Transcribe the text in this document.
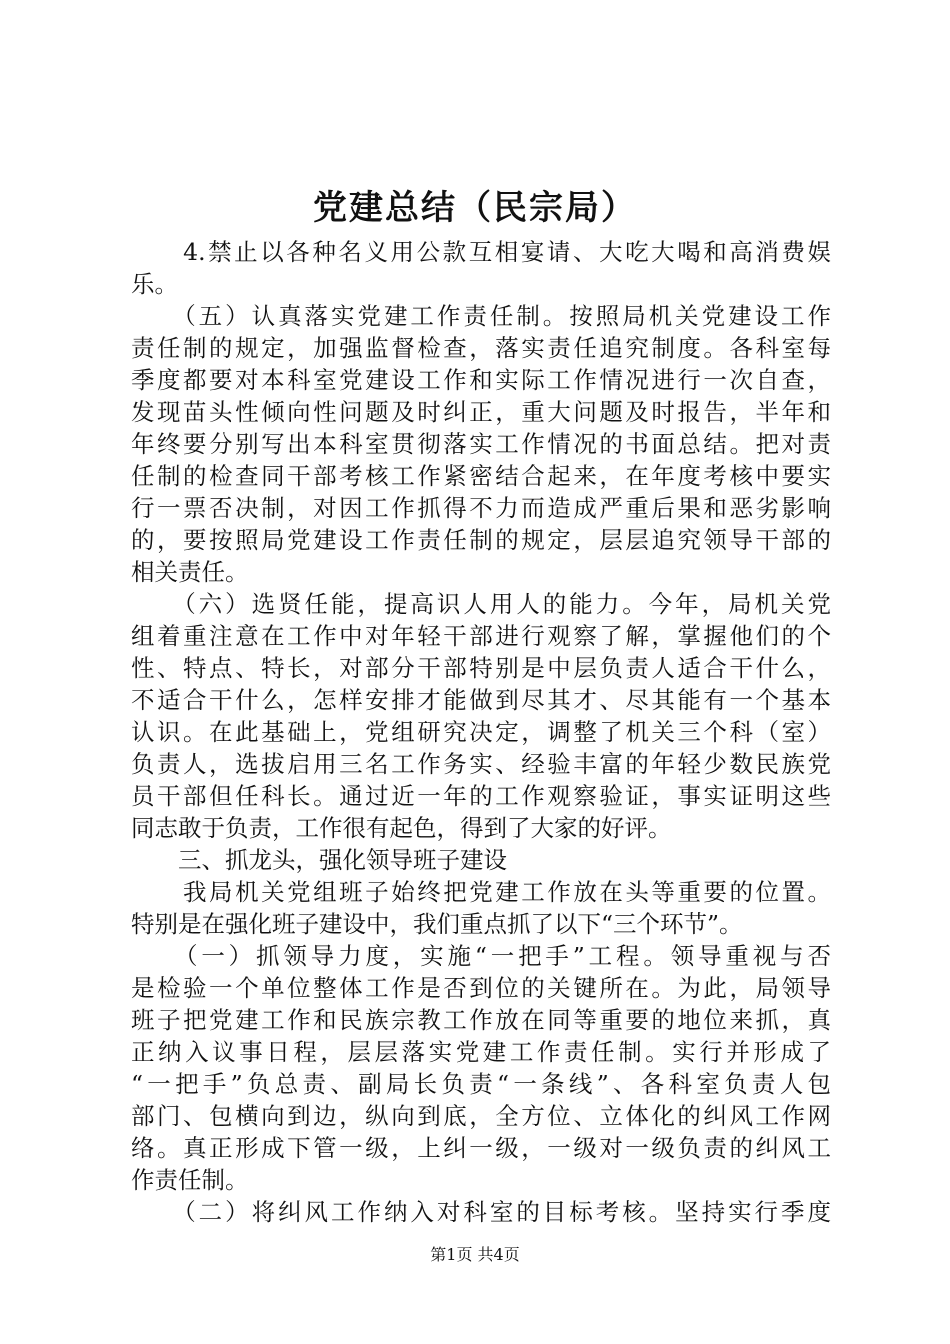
党建总结（民宗局）
　　4.禁止以各种名义用公款互相宴请、大吃大喝和高消费娱
乐。
　　（五）认真落实党建工作责任制。按照局机关党建设工作
责任制的规定，加强监督检查，落实责任追究制度。各科室每
季度都要对本科室党建设工作和实际工作情况进行一次自查，
发现苗头性倾向性问题及时纠正，重大问题及时报告，半年和
年终要分别写出本科室贯彻落实工作情况的书面总结。把对责
任制的检查同干部考核工作紧密结合起来，在年度考核中要实
行一票否决制，对因工作抓得不力而造成严重后果和恶劣影响
的，要按照局党建设工作责任制的规定，层层追究领导干部的
相关责任。
　　（六）选贤任能，提高识人用人的能力。今年，局机关党
组着重注意在工作中对年轻干部进行观察了解，掌握他们的个
性、特点、特长，对部分干部特别是中层负责人适合干什么，
不适合干什么，怎样安排才能做到尽其才、尽其能有一个基本
认识。在此基础上，党组研究决定，调整了机关三个科（室）
负责人，选拔启用三名工作务实、经验丰富的年轻少数民族党
员干部但任科长。通过近一年的工作观察验证，事实证明这些
同志敢于负责，工作很有起色，得到了大家的好评。
　　三、抓龙头，强化领导班子建设
　　我局机关党组班子始终把党建工作放在头等重要的位置。
特别是在强化班子建设中，我们重点抓了以下“三个环节”。
　　（一）抓领导力度，实施“一把手”工程。领导重视与否
是检验一个单位整体工作是否到位的关键所在。为此，局领导
班子把党建工作和民族宗教工作放在同等重要的地位来抓，真
正纳入议事日程，层层落实党建工作责任制。实行并形成了
“一把手”负总责、副局长负责“一条线”、各科室负责人包
部门、包横向到边，纵向到底，全方位、立体化的纠风工作网
络。真正形成下管一级，上纠一级，一级对一级负责的纠风工
作责任制。
　　（二）将纠风工作纳入对科室的目标考核。坚持实行季度
第1页 共4页
